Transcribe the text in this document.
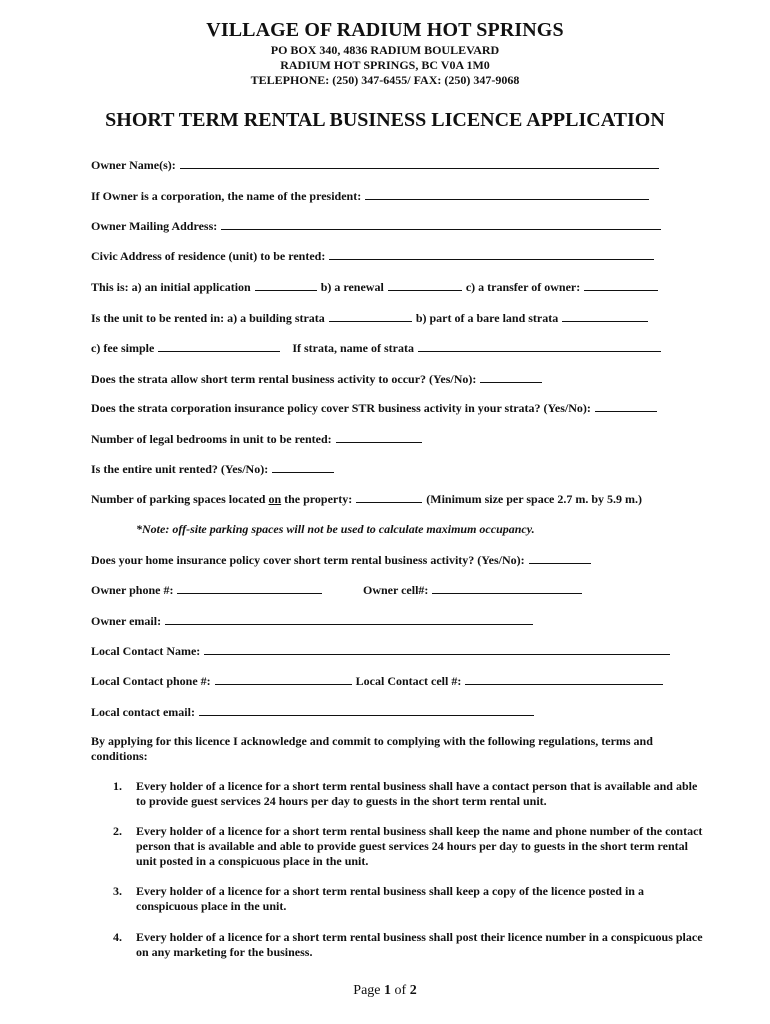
VILLAGE OF RADIUM HOT SPRINGS
PO BOX 340, 4836 RADIUM BOULEVARD
RADIUM HOT SPRINGS, BC V0A 1M0
TELEPHONE: (250) 347-6455/ FAX: (250) 347-9068
SHORT TERM RENTAL BUSINESS LICENCE APPLICATION
Owner Name(s):
If Owner is a corporation, the name of the president:
Owner Mailing Address:
Civic Address of residence (unit) to be rented:
This is: a) an initial application	b) a renewal	c) a transfer of owner:
Is the unit to be rented in: a) a building strata	b) part of a bare land strata
c) fee simple	If strata, name of strata
Does the strata allow short term rental business activity to occur? (Yes/No):
Does the strata corporation insurance policy cover STR business activity in your strata? (Yes/No):
Number of legal bedrooms in unit to be rented:
Is the entire unit rented? (Yes/No):
Number of parking spaces located on the property:	(Minimum size per space 2.7 m. by 5.9 m.)
*Note: off-site parking spaces will not be used to calculate maximum occupancy.
Does your home insurance policy cover short term rental business activity? (Yes/No):
Owner phone #:	Owner cell#:
Owner email:
Local Contact Name:
Local Contact phone #:	Local Contact cell #:
Local contact email:
By applying for this licence I acknowledge and commit to complying with the following regulations, terms and conditions:
1. Every holder of a licence for a short term rental business shall have a contact person that is available and able to provide guest services 24 hours per day to guests in the short term rental unit.
2. Every holder of a licence for a short term rental business shall keep the name and phone number of the contact person that is available and able to provide guest services 24 hours per day to guests in the short term rental unit posted in a conspicuous place in the unit.
3. Every holder of a licence for a short term rental business shall keep a copy of the licence posted in a conspicuous place in the unit.
4. Every holder of a licence for a short term rental business shall post their licence number in a conspicuous place on any marketing for the business.
Page 1 of 2
